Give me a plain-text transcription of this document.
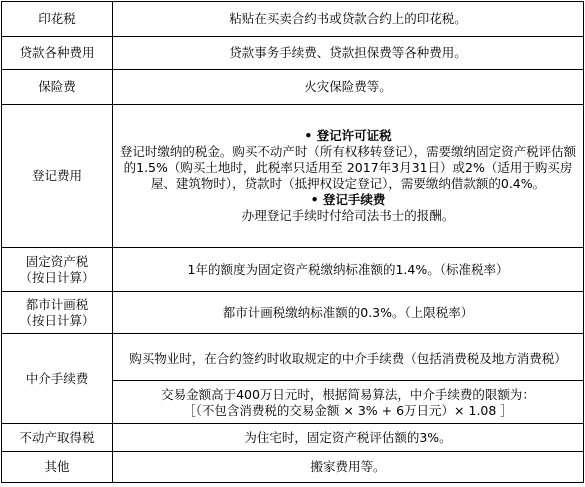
印花税	粘贴在买卖合约书或贷款合约上的印花税。
贷款各种费用	贷款事务手续费、贷款担保费等各种费用。
保险费	火灾保险费等。
登记费用	• 登记许可证税
登记时缴纳的税金。购买不动产时（所有权移转登记），需要缴纳固定资产税评估额的1.5%（购买土地时，此税率只适用至 2017年3月31日）或2%（适用于购买房屋、建筑物时），贷款时（抵押权设定登记），需要缴纳借款额的0.4%。
• 登记手续费
办理登记手续时付给司法书士的报酬。

固定资产税
（按日计算）	1年的额度为固定资产税缴纳标准额的1.4%。（标准税率）

都市计画税
（按日计算）	都市计画税缴纳标准额的0.3%。（上限税率）
中介手续费	购买物业时，在合约签约时收取规定的中介手续费（包括消费税及地方消费税）
交易金额高于400万日元时，根据简易算法，中介手续费的限额为：
［（不包含消费税的交易金额 × 3% + 6万日元）× 1.08 ］

不动产取得税	为住宅时，固定资产税评估额的3%。
其他	搬家费用等。
